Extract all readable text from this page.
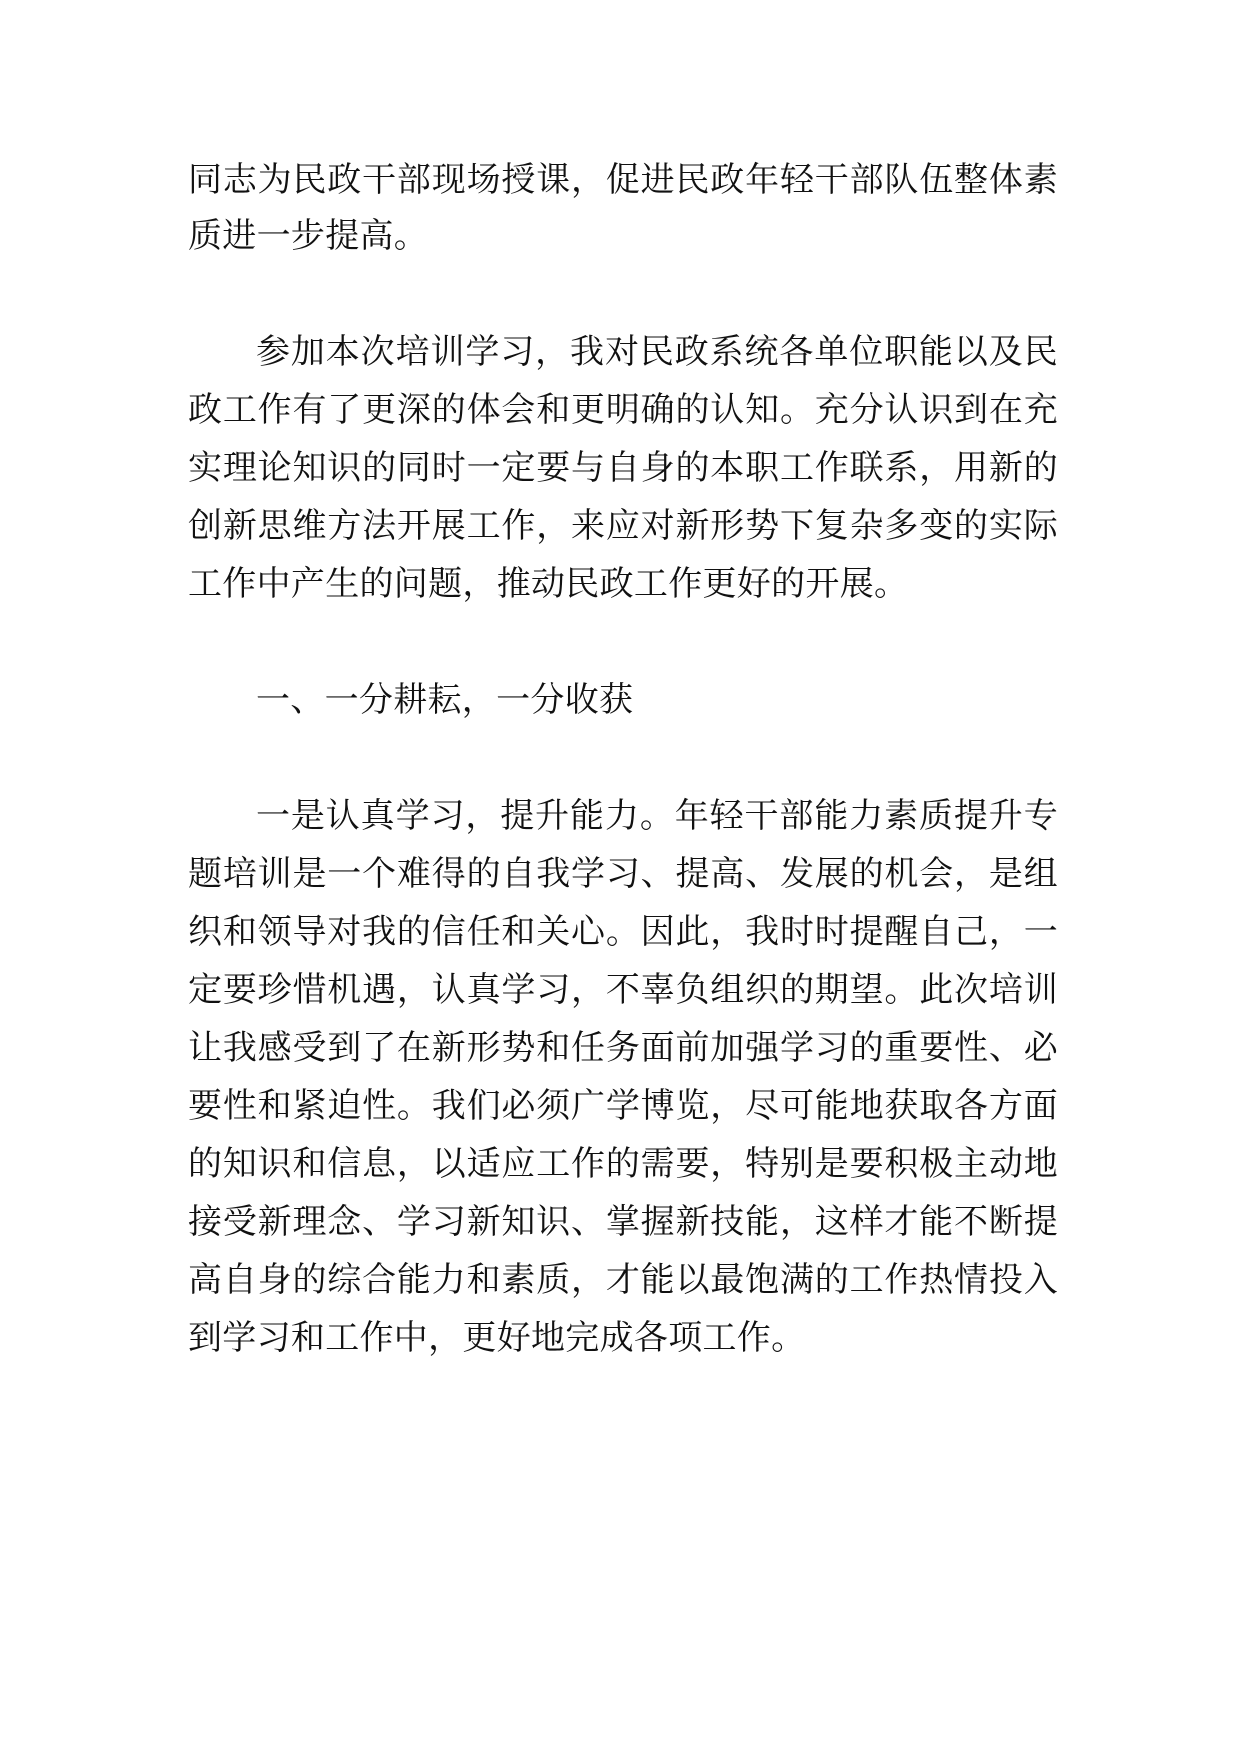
同志为民政干部现场授课，促进民政年轻干部队伍整体素
质进一步提高。
参加本次培训学习，我对民政系统各单位职能以及民
政工作有了更深的体会和更明确的认知。充分认识到在充
实理论知识的同时一定要与自身的本职工作联系，用新的
创新思维方法开展工作，来应对新形势下复杂多变的实际
工作中产生的问题，推动民政工作更好的开展。
一、一分耕耘，一分收获
一是认真学习，提升能力。年轻干部能力素质提升专
题培训是一个难得的自我学习、提高、发展的机会，是组
织和领导对我的信任和关心。因此，我时时提醒自己，一
定要珍惜机遇，认真学习，不辜负组织的期望。此次培训
让我感受到了在新形势和任务面前加强学习的重要性、必
要性和紧迫性。我们必须广学博览，尽可能地获取各方面
的知识和信息，以适应工作的需要，特别是要积极主动地
接受新理念、学习新知识、掌握新技能，这样才能不断提
高自身的综合能力和素质，才能以最饱满的工作热情投入
到学习和工作中，更好地完成各项工作。
